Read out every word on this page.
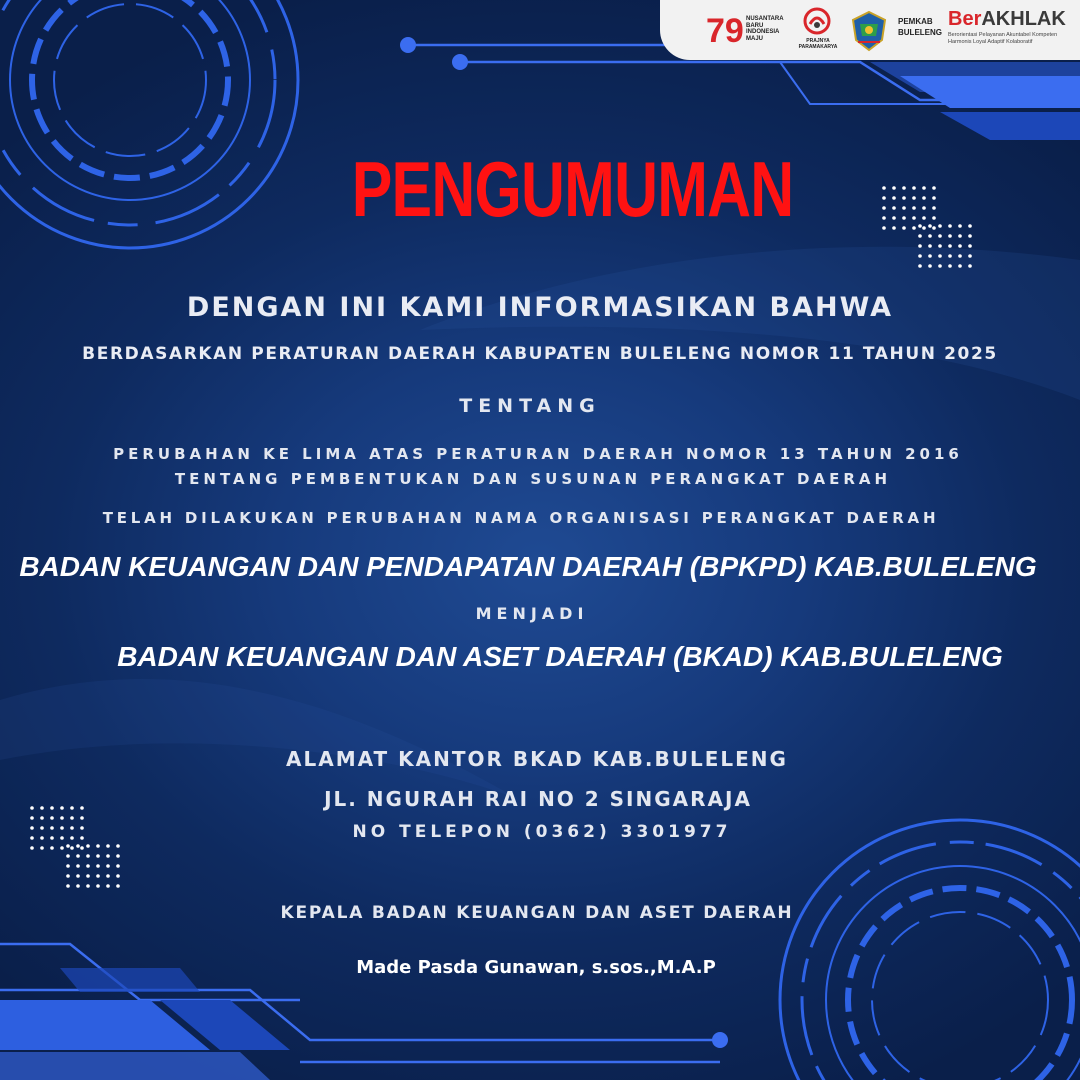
79 NUSANTARA
BARU
INDONESIA
MAJU	PRAJNYA
PARAMAKARYA
PEMKAB
BULELENG
BerAKHLAK
Berorientasi Pelayanan Akuntabel Kompeten
Harmonis Loyal Adaptif Kolaboratif
PENGUMUMAN
DENGAN INI KAMI INFORMASIKAN BAHWA
BERDASARKAN PERATURAN DAERAH KABUPATEN BULELENG NOMOR 11 TAHUN 2025
TENTANG
PERUBAHAN KE LIMA ATAS PERATURAN DAERAH NOMOR 13 TAHUN 2016
TENTANG PEMBENTUKAN DAN SUSUNAN PERANGKAT DAERAH
TELAH DILAKUKAN PERUBAHAN NAMA ORGANISASI PERANGKAT DAERAH
BADAN KEUANGAN DAN PENDAPATAN DAERAH (BPKPD) KAB.BULELENG
MENJADI
BADAN KEUANGAN DAN ASET DAERAH (BKAD) KAB.BULELENG
ALAMAT KANTOR BKAD KAB.BULELENG
JL. NGURAH RAI NO 2 SINGARAJA
NO TELEPON (0362) 3301977
KEPALA BADAN KEUANGAN DAN ASET DAERAH
Made Pasda Gunawan, s.sos.,M.A.P
